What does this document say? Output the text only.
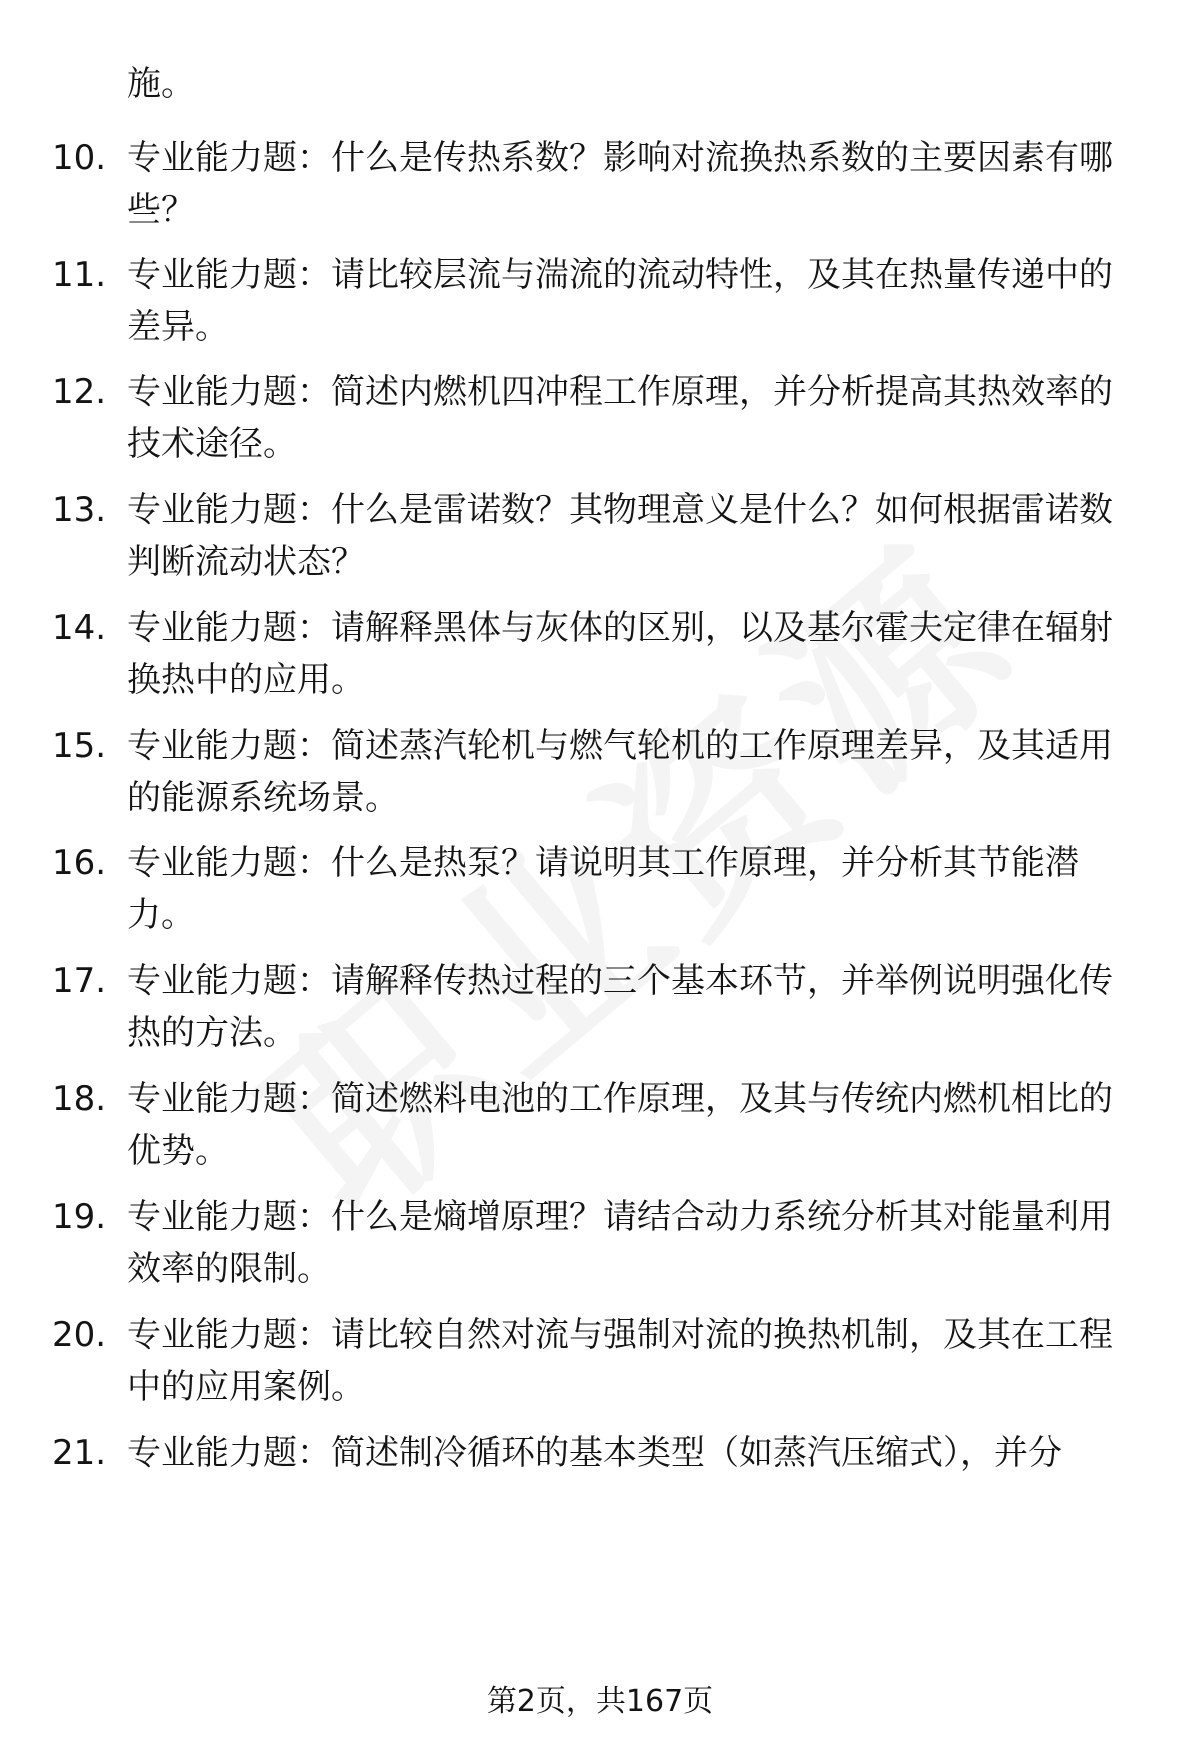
施。
10. 专业能力题：什么是传热系数？影响对流换热系数的主要因素有哪些？
11. 专业能力题：请比较层流与湍流的流动特性，及其在热量传递中的差异。
12. 专业能力题：简述内燃机四冲程工作原理，并分析提高其热效率的技术途径。
13. 专业能力题：什么是雷诺数？其物理意义是什么？如何根据雷诺数判断流动状态？
14. 专业能力题：请解释黑体与灰体的区别，以及基尔霍夫定律在辐射换热中的应用。
15. 专业能力题：简述蒸汽轮机与燃气轮机的工作原理差异，及其适用的能源系统场景。
16. 专业能力题：什么是热泵？请说明其工作原理，并分析其节能潜力。
17. 专业能力题：请解释传热过程的三个基本环节，并举例说明强化传热的方法。
18. 专业能力题：简述燃料电池的工作原理，及其与传统内燃机相比的优势。
19. 专业能力题：什么是熵增原理？请结合动力系统分析其对能量利用效率的限制。
20. 专业能力题：请比较自然对流与强制对流的换热机制，及其在工程中的应用案例。
21. 专业能力题：简述制冷循环的基本类型（如蒸汽压缩式），并分
第2页，共167页
